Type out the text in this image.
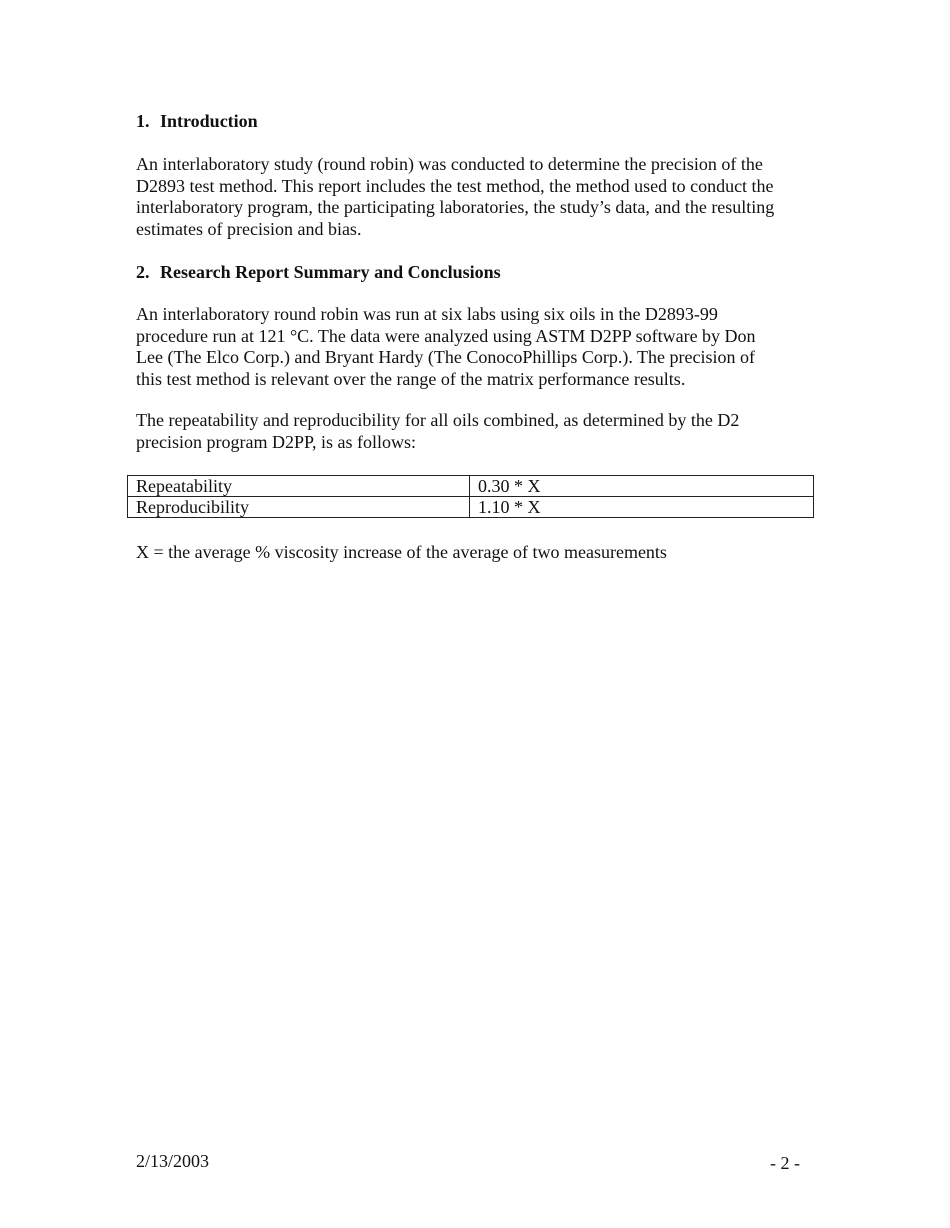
1. Introduction

An interlaboratory study (round robin) was conducted to determine the precision of the
D2893 test method. This report includes the test method, the method used to conduct the
interlaboratory program, the participating laboratories, the study’s data, and the resulting
estimates of precision and bias.

2. Research Report Summary and Conclusions

An interlaboratory round robin was run at six labs using six oils in the D2893-99
procedure run at 121 °C. The data were analyzed using ASTM D2PP software by Don
Lee (The Elco Corp.) and Bryant Hardy (The ConocoPhillips Corp.). The precision of
this test method is relevant over the range of the matrix performance results.

The repeatability and reproducibility for all oils combined, as determined by the D2
precision program D2PP, is as follows:

Repeatability	0.30 * X
Reproducibility	1.10 * X

X = the average % viscosity increase of the average of two measurements

2/13/2003	- 2 -
